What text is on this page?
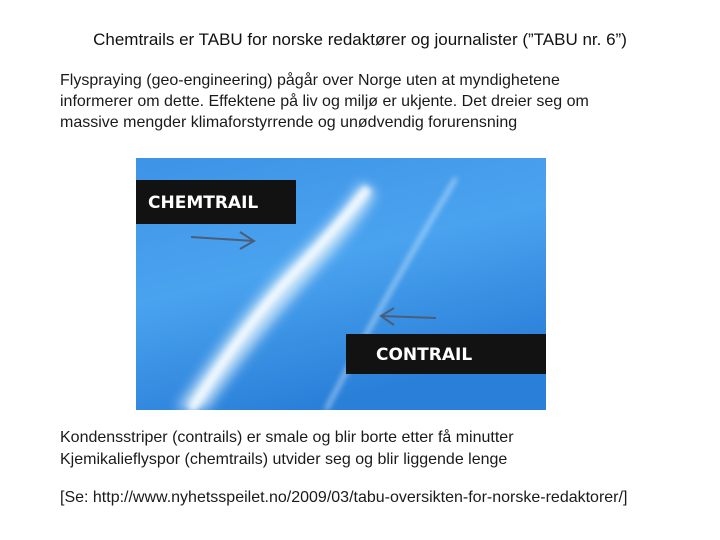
Chemtrails er TABU for norske redaktører og journalister (”TABU nr. 6”)
Flyspraying (geo-engineering) pågår over Norge uten at myndighetene
informerer om dette. Effektene på liv og miljø er ukjente. Det dreier seg om
massive mengder klimaforstyrrende og unødvendig forurensning
CHEMTRAIL
CONTRAIL
Kondensstriper (contrails) er smale og blir borte etter få minutter
Kjemikalieflyspor (chemtrails) utvider seg og blir liggende lenge
[Se: http://www.nyhetsspeilet.no/2009/03/tabu-oversikten-for-norske-redaktorer/]
